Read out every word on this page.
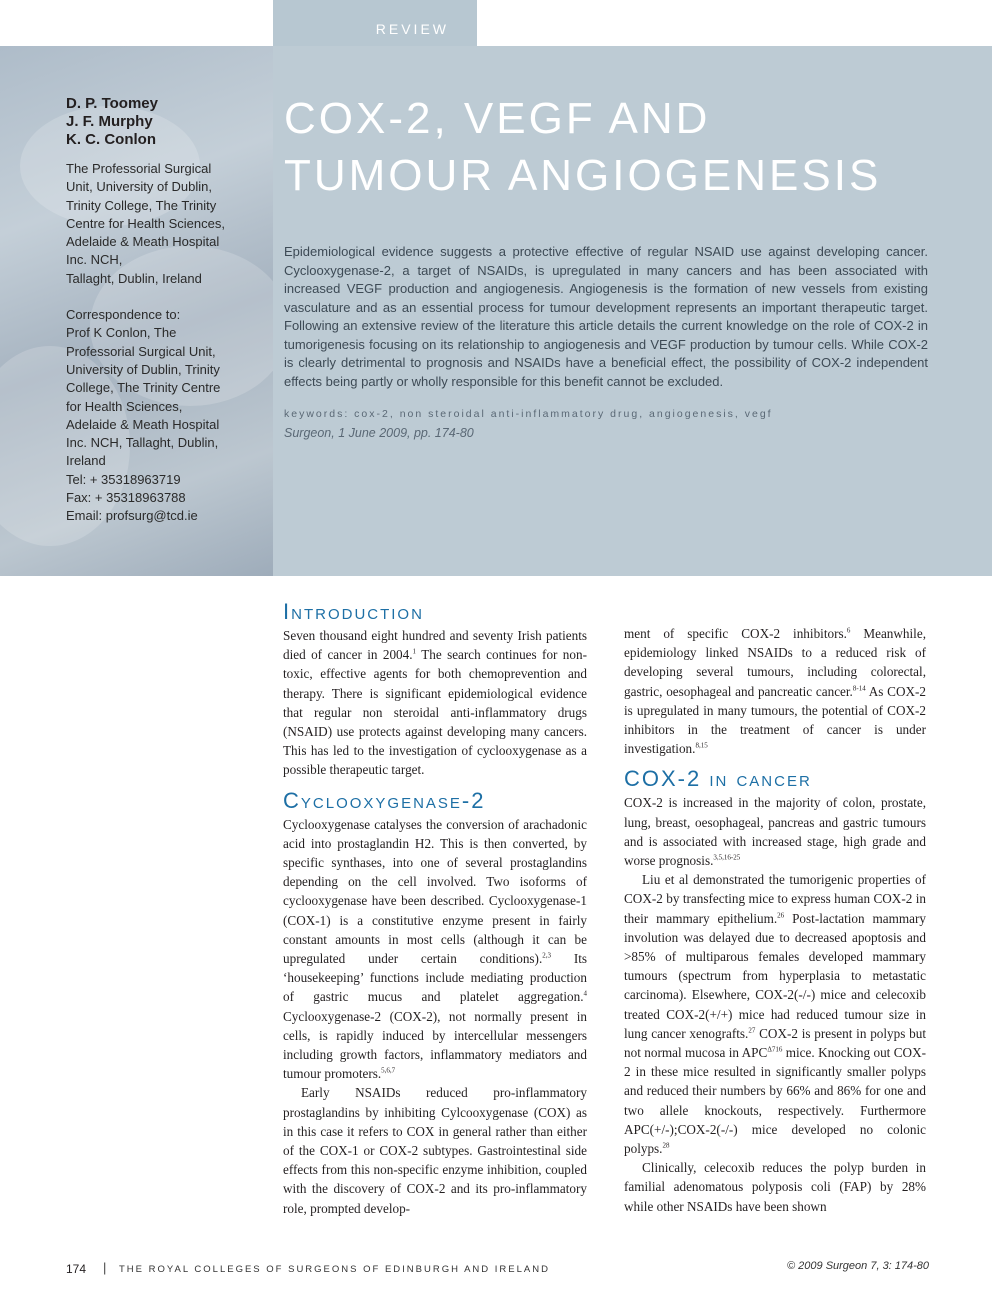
REVIEW
D. P. Toomey
J. F. Murphy
K. C. Conlon

The Professorial Surgical

Unit, University of Dublin,

Trinity College, The Trinity

Centre for Health Sciences,

Adelaide & Meath Hospital

Inc. NCH,

Tallaght, Dublin, Ireland

Correspondence to:

Prof K Conlon, The

Professorial Surgical Unit,

University of Dublin, Trinity

College, The Trinity Centre

for Health Sciences,

Adelaide & Meath Hospital

Inc. NCH, Tallaght, Dublin,

Ireland

Tel: + 35318963719

Fax: + 35318963788

Email: profsurg@tcd.ie

COX-2, VEGF AND
TUMOUR ANGIOGENESIS

Epidemiological evidence suggests a protective effective of regular NSAID use against developing cancer. Cyclooxygenase-2, a target of NSAIDs, is upregulated in many cancers and has been associated with increased VEGF production and angiogenesis. Angiogenesis is the formation of new vessels from existing vasculature and as an essential process for tumour development represents an important therapeutic target. Following an extensive review of the literature this article details the current knowledge on the role of COX-2 in tumorigenesis focusing on its relationship to angiogenesis and VEGF production by tumour cells. While COX-2 is clearly detrimental to prognosis and NSAIDs have a beneficial effect, the possibility of COX-2 independent effects being partly or wholly responsible for this benefit cannot be excluded.

keywords: cox-2, non steroidal anti-inflammatory drug, angiogenesis, vegf
Surgeon, 1 June 2009, pp. 174-80
Introduction

Seven thousand eight hundred and seventy Irish patients died of cancer in 2004.$^1$ The search continues for non-toxic, effective agents for both chemoprevention and therapy. There is significant epidemiological evidence that regular non steroidal anti-inflammatory drugs (NSAID) use protects against developing many cancers. This has led to the investigation of cyclooxygenase as a possible therapeutic target.

Cyclooxygenase-2

Cyclooxygenase catalyses the conversion of arachadonic acid into prostaglandin H2. This is then converted, by specific synthases, into one of several prostaglandins depending on the cell involved. Two isoforms of cyclooxygenase have been described. Cyclooxygenase-1 (COX-1) is a constitutive enzyme present in fairly constant amounts in most cells (although it can be upregulated under certain conditions).$^{2,3}$ Its ‘housekeeping’ functions include mediating production of gastric mucus and platelet aggregation.$^4$ Cyclooxygenase-2 (COX-2), not normally present in cells, is rapidly induced by intercellular messengers including growth factors, inflammatory mediators and tumour promoters.$^{5,6,7}$

Early NSAIDs reduced pro-inflammatory prostaglandins by inhibiting Cylcooxygenase (COX) as in this case it refers to COX in general rather than either of the COX-1 or COX-2 subtypes. Gastrointestinal side effects from this non-specific enzyme inhibition, coupled with the discovery of COX-2 and its pro-inflammatory role, prompted develop-

ment of specific COX-2 inhibitors.$^6$ Meanwhile, epidemiology linked NSAIDs to a reduced risk of developing several tumours, including colorectal, gastric, oesophageal and pancreatic cancer.$^{8-14}$ As COX-2 is upregulated in many tumours, the potential of COX-2 inhibitors in the treatment of cancer is under investigation.$^{8,15}$

COX-2 in cancer

COX-2 is increased in the majority of colon, prostate, lung, breast, oesophageal, pancreas and gastric tumours and is associated with increased stage, high grade and worse prognosis.$^{3,5,16-25}$

Liu et al demonstrated the tumorigenic properties of COX-2 by transfecting mice to express human COX-2 in their mammary epithelium.$^{26}$ Post-lactation mammary involution was delayed due to decreased apoptosis and >85% of multiparous females developed mammary tumours (spectrum from hyperplasia to metastatic carcinoma). Elsewhere, COX-2(-/-) mice and celecoxib treated COX-2(+/+) mice had reduced tumour size in lung cancer xenografts.$^{27}$ COX-2 is present in polyps but not normal mucosa in $APC^{\Delta 716}$ mice. Knocking out COX-2 in these mice resulted in significantly smaller polyps and reduced their numbers by 66% and 86% for one and two allele knockouts, respectively. Furthermore APC(+/-);COX-2(-/-) mice developed no colonic polyps.$^{28}$

Clinically, celecoxib reduces the polyp burden in familial adenomatous polyposis coli (FAP) by 28% while other NSAIDs have been shown

174 | THE ROYAL COLLEGES OF SURGEONS OF EDINBURGH AND IRELAND	© 2009 Surgeon 7, 3: 174-80
